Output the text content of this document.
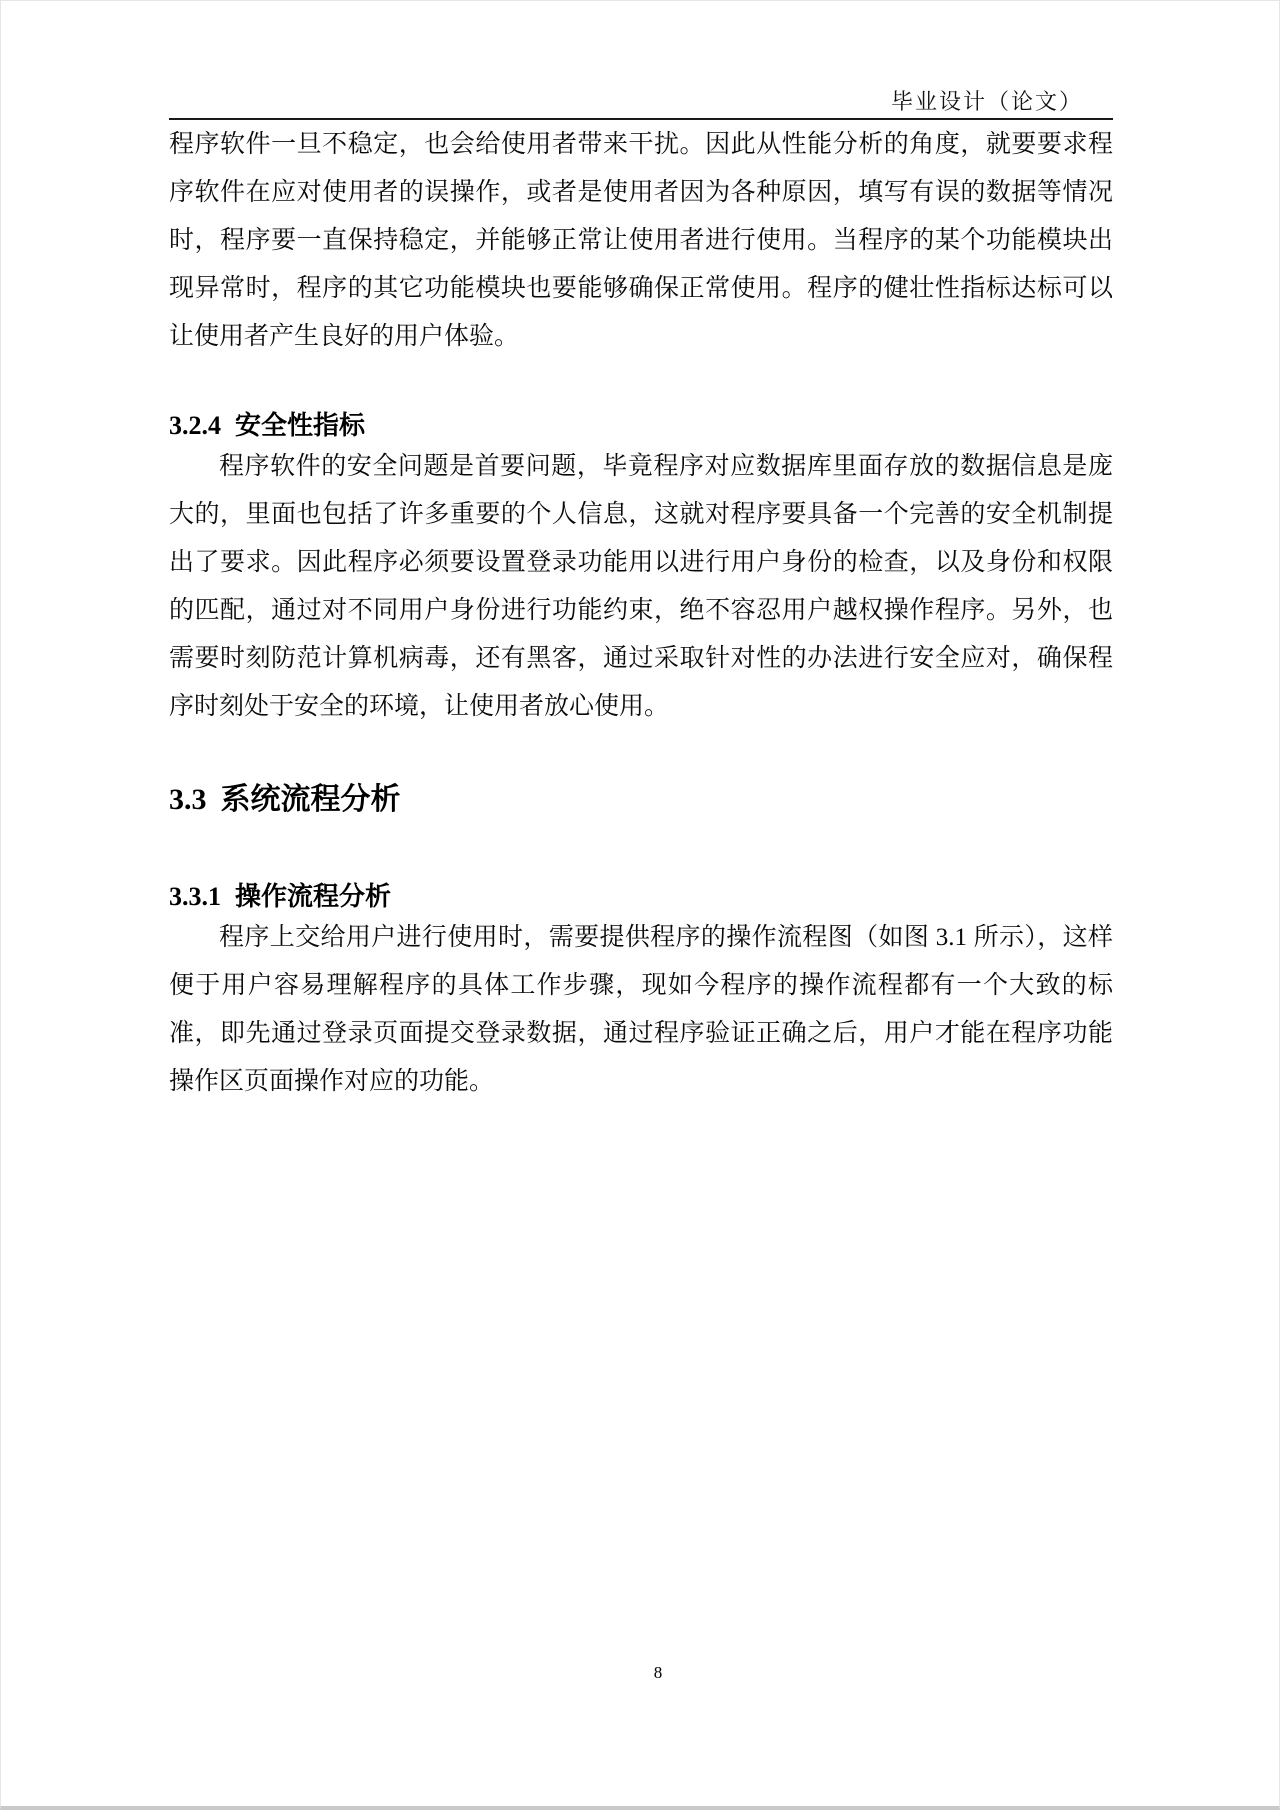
毕业设计（论文）

程序软件一旦不稳定，也会给使用者带来干扰。因此从性能分析的角度，就要要求程序软件在应对使用者的误操作，或者是使用者因为各种原因，填写有误的数据等情况时，程序要一直保持稳定，并能够正常让使用者进行使用。当程序的某个功能模块出现异常时，程序的其它功能模块也要能够确保正常使用。程序的健壮性指标达标可以让使用者产生良好的用户体验。

3.2.4 安全性指标

程序软件的安全问题是首要问题，毕竟程序对应数据库里面存放的数据信息是庞大的，里面也包括了许多重要的个人信息，这就对程序要具备一个完善的安全机制提出了要求。因此程序必须要设置登录功能用以进行用户身份的检查，以及身份和权限的匹配，通过对不同用户身份进行功能约束，绝不容忍用户越权操作程序。另外，也需要时刻防范计算机病毒，还有黑客，通过采取针对性的办法进行安全应对，确保程序时刻处于安全的环境，让使用者放心使用。

3.3 系统流程分析
3.3.1 操作流程分析

程序上交给用户进行使用时，需要提供程序的操作流程图（如图 3.1 所示），这样便于用户容易理解程序的具体工作步骤，现如今程序的操作流程都有一个大致的标准，即先通过登录页面提交登录数据，通过程序验证正确之后，用户才能在程序功能操作区页面操作对应的功能。

8
